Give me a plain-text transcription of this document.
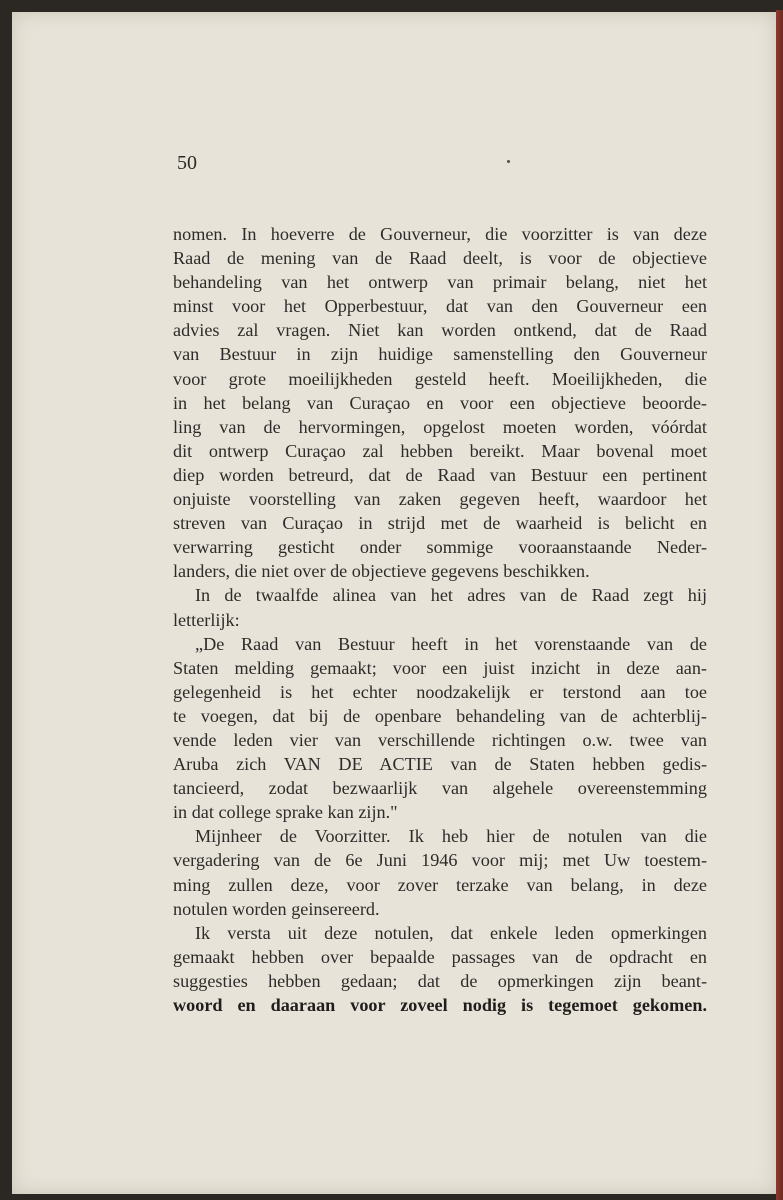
50
nomen. In hoeverre de Gouverneur, die voorzitter is van deze
Raad de mening van de Raad deelt, is voor de objectieve
behandeling van het ontwerp van primair belang, niet het
minst voor het Opperbestuur, dat van den Gouverneur een
advies zal vragen. Niet kan worden ontkend, dat de Raad
van Bestuur in zijn huidige samenstelling den Gouverneur
voor grote moeilijkheden gesteld heeft. Moeilijkheden, die
in het belang van Curaçao en voor een objectieve beoorde-
ling van de hervormingen, opgelost moeten worden, vóórdat
dit ontwerp Curaçao zal hebben bereikt. Maar bovenal moet
diep worden betreurd, dat de Raad van Bestuur een pertinent
onjuiste voorstelling van zaken gegeven heeft, waardoor het
streven van Curaçao in strijd met de waarheid is belicht en
verwarring gesticht onder sommige vooraanstaande Neder-
landers, die niet over de objectieve gegevens beschikken.
In de twaalfde alinea van het adres van de Raad zegt hij
letterlijk:
„De Raad van Bestuur heeft in het vorenstaande van de
Staten melding gemaakt; voor een juist inzicht in deze aan-
gelegenheid is het echter noodzakelijk er terstond aan toe
te voegen, dat bij de openbare behandeling van de achterblij-
vende leden vier van verschillende richtingen o.w. twee van
Aruba zich VAN DE ACTIE van de Staten hebben gedis-
tancieerd, zodat bezwaarlijk van algehele overeenstemming
in dat college sprake kan zijn."
Mijnheer de Voorzitter. Ik heb hier de notulen van die
vergadering van de 6e Juni 1946 voor mij; met Uw toestem-
ming zullen deze, voor zover terzake van belang, in deze
notulen worden geinsereerd.
Ik versta uit deze notulen, dat enkele leden opmerkingen
gemaakt hebben over bepaalde passages van de opdracht en
suggesties hebben gedaan; dat de opmerkingen zijn beant-
woord en daaraan voor zoveel nodig is tegemoet gekomen.
